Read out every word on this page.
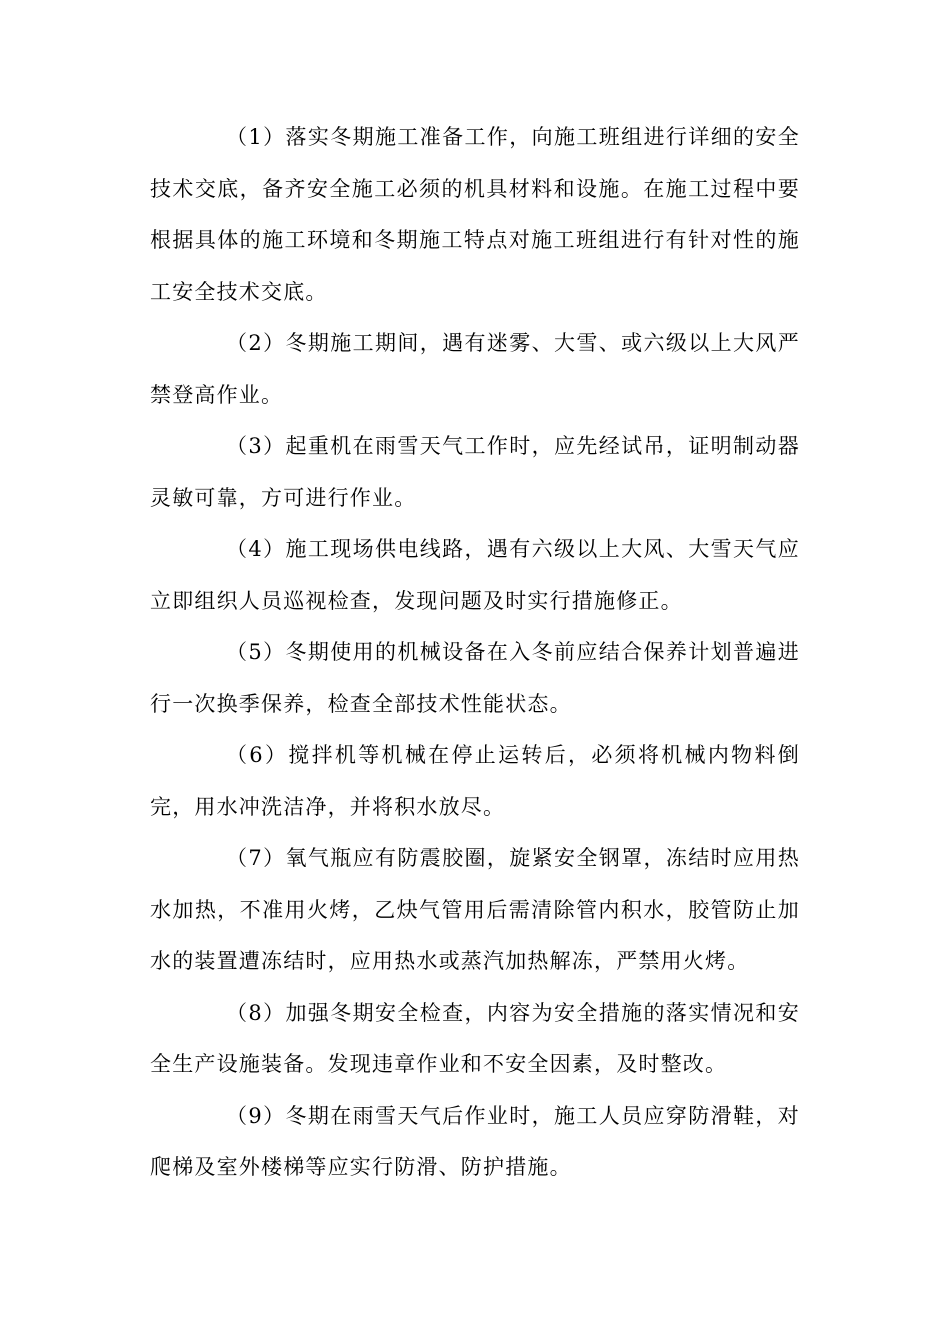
（1）落实冬期施工准备工作，向施工班组进行详细的安全技术交底，备齐安全施工必须的机具材料和设施。在施工过程中要根据具体的施工环境和冬期施工特点对施工班组进行有针对性的施工安全技术交底。

（2）冬期施工期间，遇有迷雾、大雪、或六级以上大风严禁登高作业。

（3）起重机在雨雪天气工作时，应先经试吊，证明制动器灵敏可靠，方可进行作业。

（4）施工现场供电线路，遇有六级以上大风、大雪天气应立即组织人员巡视检查，发现问题及时实行措施修正。

（5）冬期使用的机械设备在入冬前应结合保养计划普遍进行一次换季保养，检查全部技术性能状态。

（6）搅拌机等机械在停止运转后，必须将机械内物料倒完，用水冲洗洁净，并将积水放尽。

（7）氧气瓶应有防震胶圈，旋紧安全钢罩，冻结时应用热水加热，不准用火烤，乙炔气管用后需清除管内积水，胶管防止加水的装置遭冻结时，应用热水或蒸汽加热解冻，严禁用火烤。

（8）加强冬期安全检查，内容为安全措施的落实情况和安全生产设施装备。发现违章作业和不安全因素，及时整改。

（9）冬期在雨雪天气后作业时，施工人员应穿防滑鞋，对爬梯及室外楼梯等应实行防滑、防护措施。
